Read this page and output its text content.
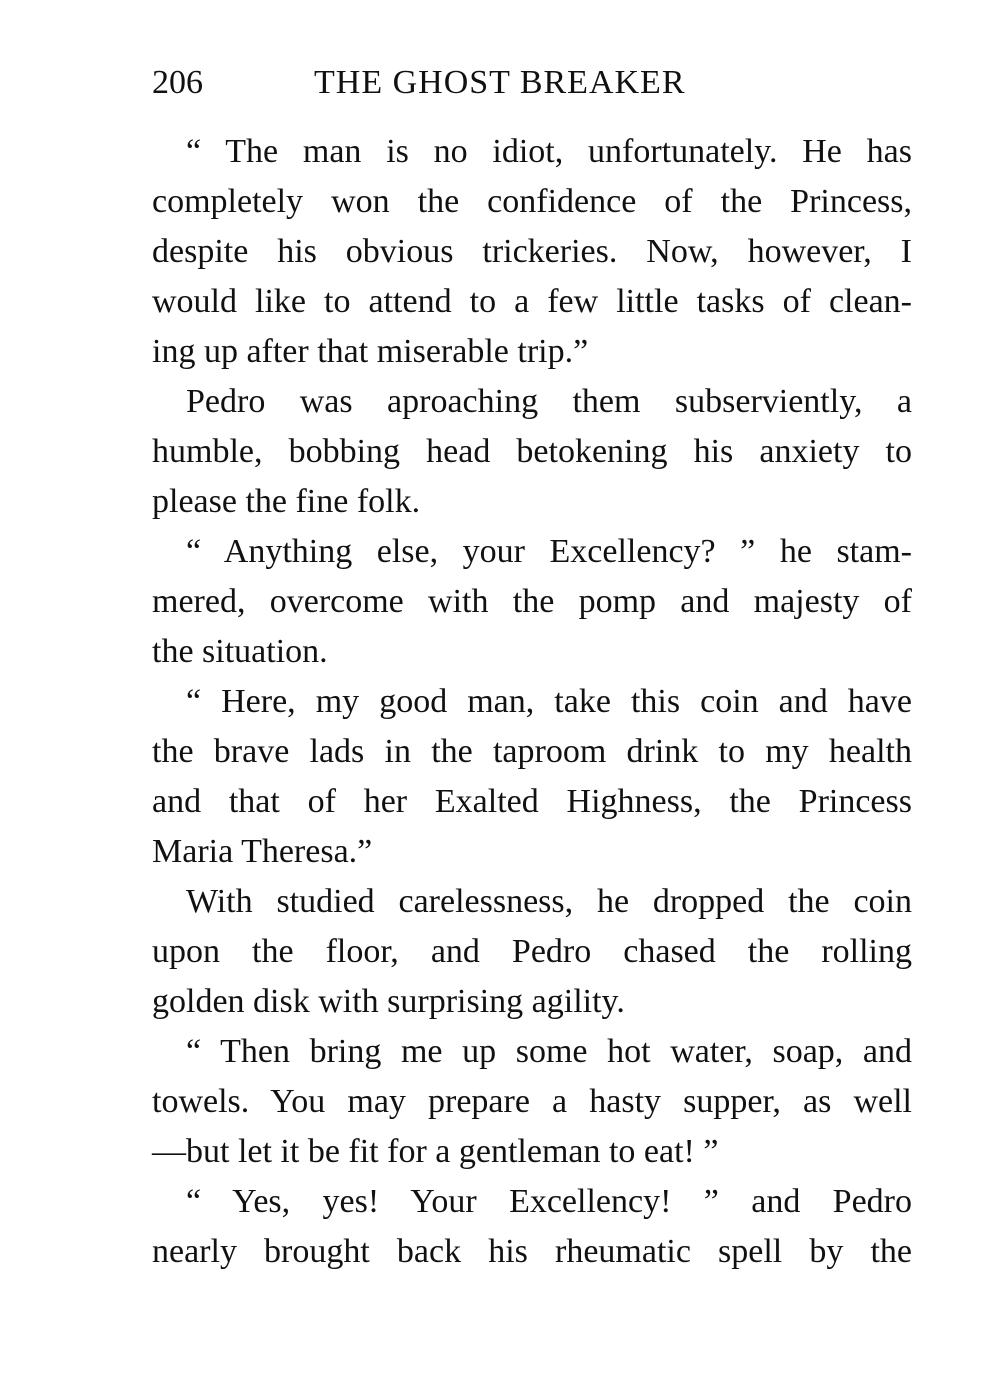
206	THE GHOST BREAKER
“ The man is no idiot, unfortunately. He has
completely won the confidence of the Princess,
despite his obvious trickeries. Now, however, I
would like to attend to a few little tasks of clean-
ing up after that miserable trip.”
Pedro was aproaching them subserviently, a
humble, bobbing head betokening his anxiety to
please the fine folk.
“ Anything else, your Excellency? ” he stam-
mered, overcome with the pomp and majesty of
the situation.
“ Here, my good man, take this coin and have
the brave lads in the taproom drink to my health
and that of her Exalted Highness, the Princess
Maria Theresa.”
With studied carelessness, he dropped the coin
upon the floor, and Pedro chased the rolling
golden disk with surprising agility.
“ Then bring me up some hot water, soap, and
towels. You may prepare a hasty supper, as well
—but let it be fit for a gentleman to eat! ”
“ Yes, yes! Your Excellency! ” and Pedro
nearly brought back his rheumatic spell by the
